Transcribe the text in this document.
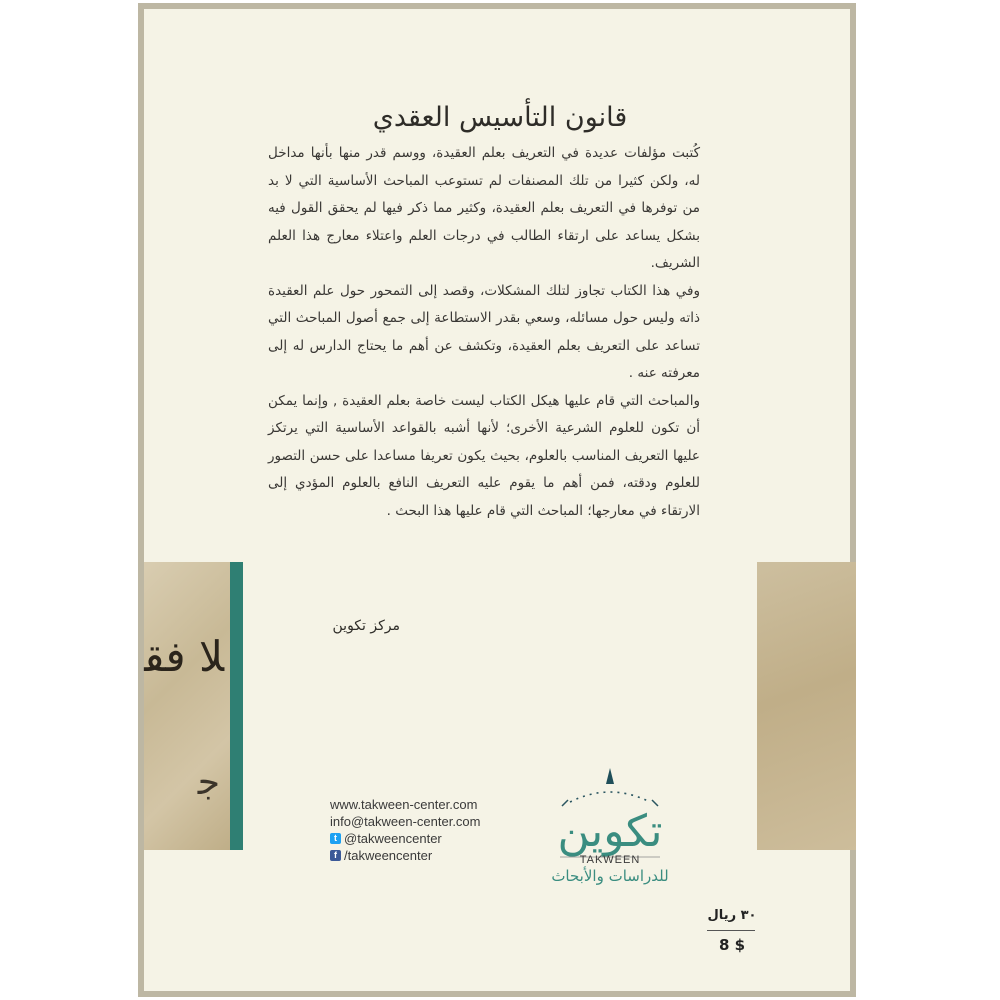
ﻼ ﻓﻘ
ﺟ
قانون التأسيس العقدي

كُتبت مؤلفات عديدة في التعريف بعلم العقيدة، ووسم قدر منها بأنها مداخل له، ولكن كثيرا من تلك المصنفات لم تستوعب المباحث الأساسية التي لا بد من توفرها في التعريف بعلم العقيدة، وكثير مما ذكر فيها لم يحقق القول فيه بشكل يساعد على ارتقاء الطالب في درجات العلم واعتلاء معارج هذا العلم الشريف.

وفي هذا الكتاب تجاوز لتلك المشكلات، وقصد إلى التمحور حول علم العقيدة ذاته وليس حول مسائله، وسعي بقدر الاستطاعة إلى جمع أصول المباحث التي تساعد على التعريف بعلم العقيدة، وتكشف عن أهم ما يحتاج الدارس له إلى معرفته عنه .

والمباحث التي قام عليها هيكل الكتاب ليست خاصة بعلم العقيدة , وإنما يمكن أن تكون للعلوم الشرعية الأخرى؛ لأنها أشبه بالقواعد الأساسية التي يرتكز عليها التعريف المناسب بالعلوم، بحيث يكون تعريفا مساعدا على حسن التصور للعلوم ودقته، فمن أهم ما يقوم عليه التعريف النافع بالعلوم المؤدي إلى الارتقاء في معارجها؛ المباحث التي قام عليها هذا البحث .

مركز تكوين
www.takween-center.com
info@takween-center.com
t @takweencenter
f /takweencenter	تكوين
TAKWEEN
للدراسات والأبحاث
٣٠ ريال
8 $
